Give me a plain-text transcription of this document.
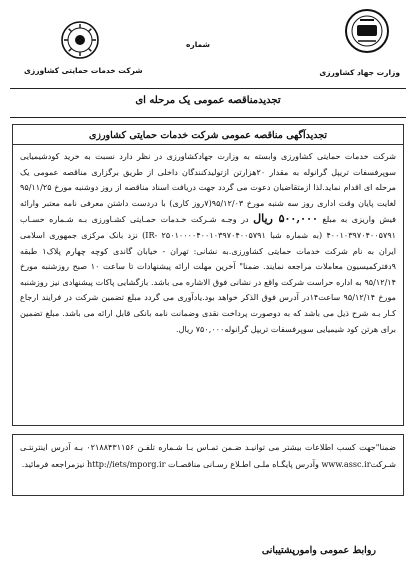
وزارت جهاد کشاورزی
شماره
شرکت خدمات حمایتی کشاورزی
تجدیدمناقصه عمومی یک مرحله ای
تجدیدآگهی مناقصه عمومی شرکت خدمات حمایتی کشاورزی
شرکت خدمات حمایتی کشاورزی وابسته به وزارت جهادکشاورزی در نظر دارد نسبت به خرید کودشیمیایی سوپرفسفات تریپل گرانوله به مقدار ۲۰هزارتن ازتولیدکنندگان داخلی از طریق برگزاری مناقصه عمومی یک مرحله ای اقدام نماید.لذا ازمتقاضیان دعوت می گردد جهت دریافت اسناد مناقصه از روز دوشنبه مورخ ۹۵/۱۱/۲۵ لغایت پایان وقت اداری روز سه شنبه مورخ ۹۵/۱۲/۰۳(۷روز کاری) با دردست داشتن معرفی نامه معتبر وارائه فیش واریزی به مبلغ ۵۰۰,۰۰۰ ریال در وجـه شـرکت خـدمات حمـایتی کشـاورزی بـه شـماره حسـاب ۴۰۰۱۰۳۹۷۰۴۰۰۵۷۹۱ (به شماره شبا IR- ۲۵۰۱۰۰۰۰۴۰۰۱۰۳۹۷۰۴۰۰۵۷۹۱) نزد بانک مرکزی جمهوری اسلامی ایران به نام شرکت خدمات حمایتی کشاورزی.به نشانی: تهران - خیابان گاندی کوچه چهارم پلاک۱ طبقه ۹دفترکمیسیون معاملات مراجعه نمایند. ضمنا" آخرین مهلت ارائه پیشنهادات تا ساعت ۱۰ صبح روزشنبه مورخ ۹۵/۱۲/۱۴ به اداره حراست شرکت واقع در نشانی فوق الاشاره می باشد. بازگشایی پاکات پیشنهادی نیز روزشنبه مورخ ۹۵/۱۲/۱۴ ساعت۱۴در آدرس فوق الذکر خواهد بود.یادآوری می گردد مبلغ تضمین شرکت در فرایند ارجاع کـار بـه شرح ذیل می باشد که به دوصورت پرداخت نقدی وضمانت نامه بانکی قابل ارائه می باشد. مبلغ تضمین برای هرتن کود شیمیایی سوپرفسفات تریپل گرانوله۷۵۰,۰۰۰ ریال.
ضمنا"جهت کسب اطلاعات بیشتر می توانیـد ضـمن تمـاس بـا شـماره تلفـن ۰۲۱۸۸۴۳۱۱۵۶ بـه آدرس اینترنتـی شـرکتwww.assc.ir وآدرس پایگـاه ملـی اطـلاع رسـانی مناقصـات http://iets/mporg.ir نیزمراجعه فرمائید.
روابط عمومی وامورپشتیبانی
